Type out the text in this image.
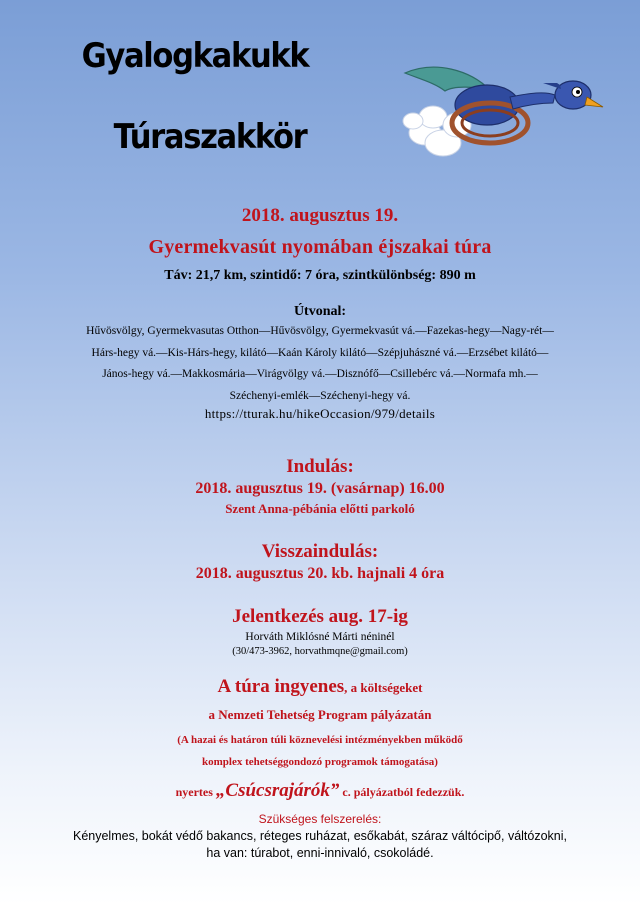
Gyalogkakukk
Túraszakkör
2018. augusztus 19.
Gyermekvasút nyomában éjszakai túra
Táv: 21,7 km, szintidő: 7 óra, szintkülönbség: 890 m
Útvonal:
Hűvösvölgy, Gyermekvasutas Otthon—Hűvösvölgy, Gyermekvasút vá.—Fazekas-hegy—Nagy-rét—
Hárs-hegy vá.—Kis-Hárs-hegy, kilátó—Kaán Károly kilátó—Szépjuhászné vá.—Erzsébet kilátó—
János-hegy vá.—Makkosmária—Virágvölgy vá.—Disznófő—Csillebérc vá.—Normafa mh.—
Széchenyi-emlék—Széchenyi-hegy vá.
https://tturak.hu/hikeOccasion/979/details
Indulás:
2018. augusztus 19. (vasárnap) 16.00
Szent Anna-pébánia előtti parkoló
Visszaindulás:
2018. augusztus 20. kb. hajnali 4 óra
Jelentkezés aug. 17-ig
Horváth Miklósné Márti néninél
(30/473-3962, horvathmqne@gmail.com)
A túra ingyenes, a költségeket
a Nemzeti Tehetség Program pályázatán
(A hazai és határon túli köznevelési intézményekben működő
komplex tehetséggondozó programok támogatása)
nyertes „Csúcsrajárók” c. pályázatból fedezzük.
Szükséges felszerelés:
Kényelmes, bokát védő bakancs, réteges ruházat, esőkabát, száraz váltócipő, váltózokni,
ha van: túrabot, enni-innivaló, csokoládé.
